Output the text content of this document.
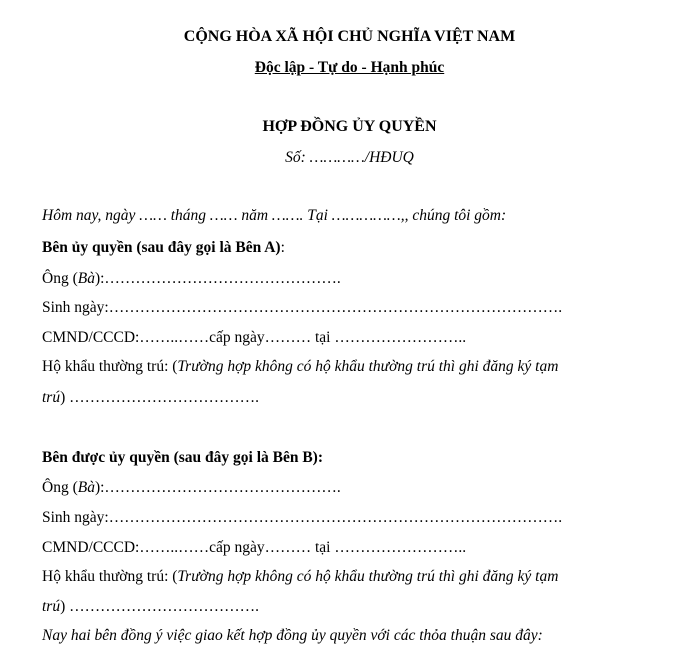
CỘNG HÒA XÃ HỘI CHỦ NGHĨA VIỆT NAM
Độc lập - Tự do - Hạnh phúc
HỢP ĐỒNG ỦY QUYỀN
Số: …………/HĐUQ
Hôm nay, ngày …… tháng …… năm ……. Tại ……………,, chúng tôi gồm:
Bên ủy quyền (sau đây gọi là Bên A):
Ông (Bà):……………………………………….
Sinh ngày:…………………………………………………………………………….
CMND/CCCD:……..……cấp ngày……… tại ……………………..
Hộ khẩu thường trú: (Trường hợp không có hộ khẩu thường trú thì ghi đăng ký tạm
trú) ……………………………….
Bên được ủy quyền (sau đây gọi là Bên B):
Ông (Bà):……………………………………….
Sinh ngày:…………………………………………………………………………….
CMND/CCCD:……..……cấp ngày……… tại ……………………..
Hộ khẩu thường trú: (Trường hợp không có hộ khẩu thường trú thì ghi đăng ký tạm
trú) ……………………………….
Nay hai bên đồng ý việc giao kết hợp đồng ủy quyền với các thỏa thuận sau đây:
